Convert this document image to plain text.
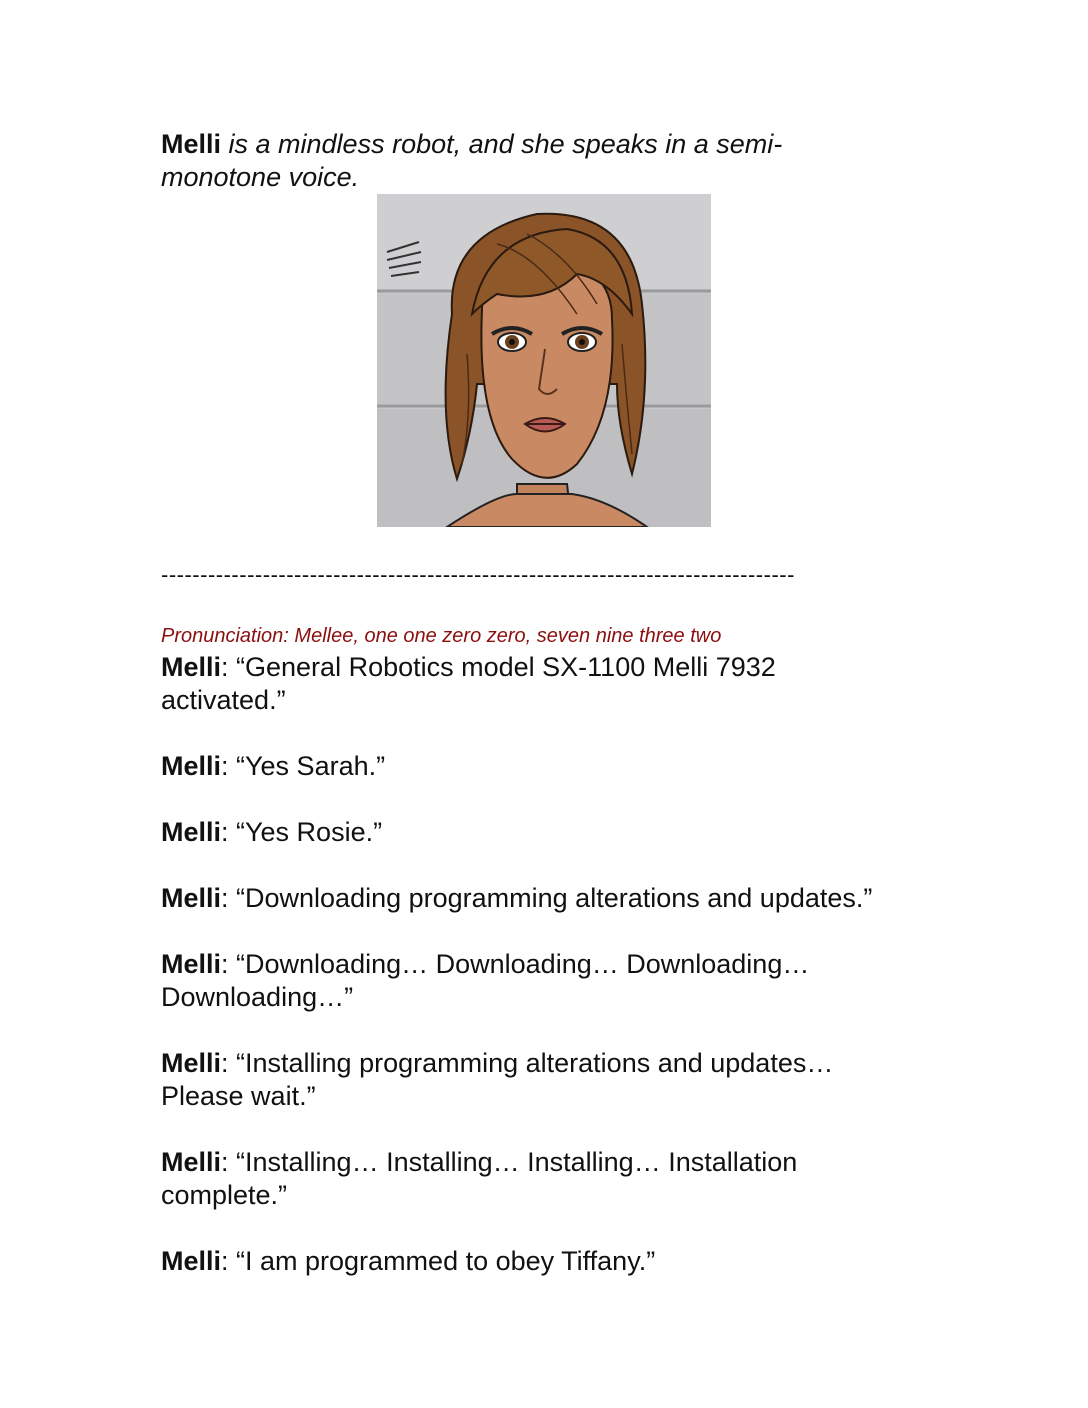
Melli is a mindless robot, and she speaks in a semi-
monotone voice.
---------------------------------------------------------------------------------
Pronunciation: Mellee, one one zero zero, seven nine three two
Melli: “General Robotics model SX-1100 Melli 7932
activated.”
Melli: “Yes Sarah.”
Melli: “Yes Rosie.”
Melli: “Downloading programming alterations and updates.”
Melli: “Downloading… Downloading… Downloading…
Downloading…”
Melli: “Installing programming alterations and updates…
Please wait.”
Melli: “Installing… Installing… Installing… Installation
complete.”
Melli: “I am programmed to obey Tiffany.”
